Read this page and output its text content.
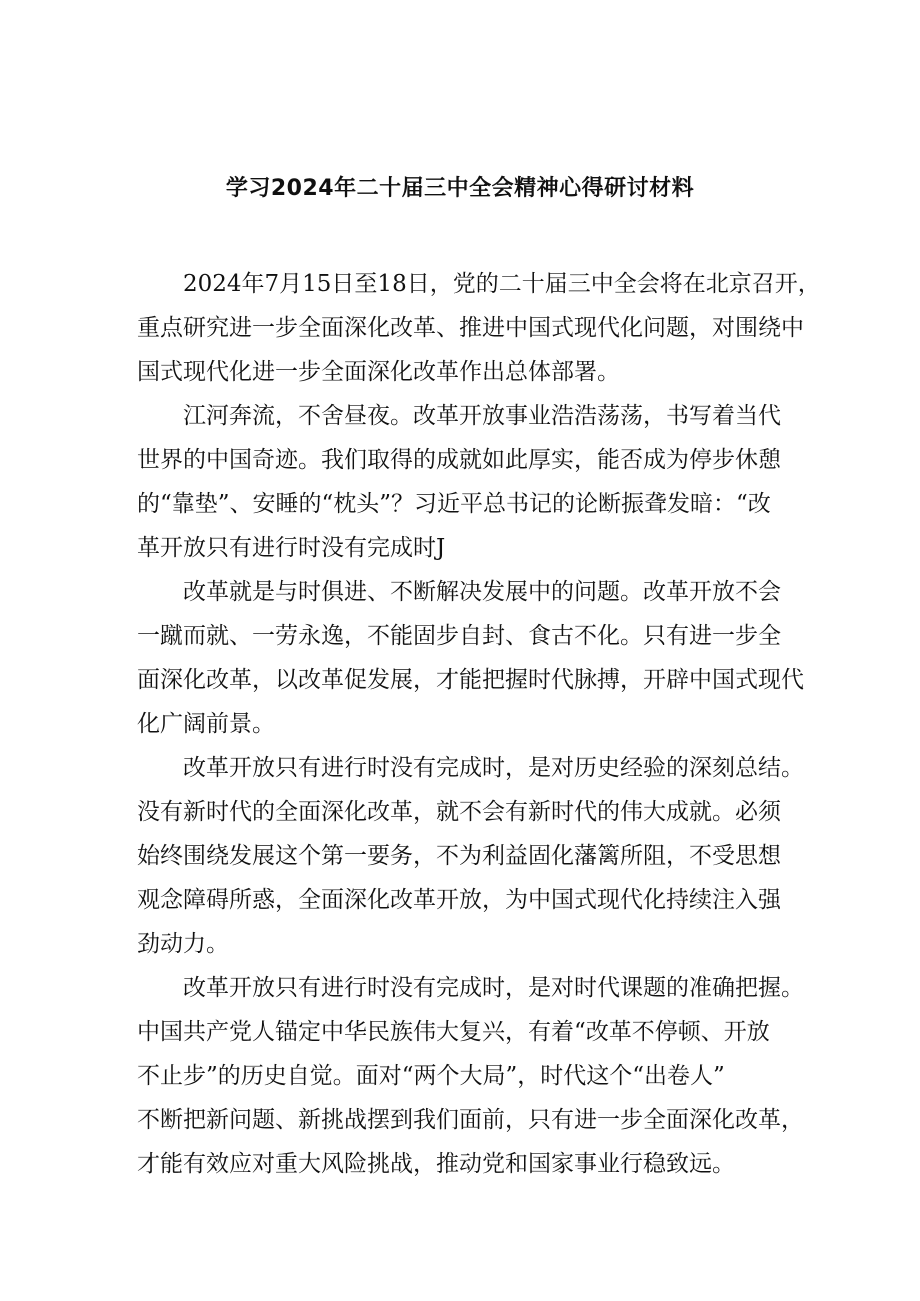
学习2024年二十届三中全会精神心得研讨材料

2024年7月15日至18日，党的二十届三中全会将在北京召开，
重点研究进一步全面深化改革、推进中国式现代化问题，对围绕中
国式现代化进一步全面深化改革作出总体部署。

江河奔流，不舍昼夜。改革开放事业浩浩荡荡，书写着当代
世界的中国奇迹。我们取得的成就如此厚实，能否成为停步休憩
的“靠垫”、安睡的“枕头”？习近平总书记的论断振聋发暗：“改
革开放只有进行时没有完成时J

改革就是与时俱进、不断解决发展中的问题。改革开放不会
一蹴而就、一劳永逸，不能固步自封、食古不化。只有进一步全
面深化改革，以改革促发展，才能把握时代脉搏，开辟中国式现代
化广阔前景。

改革开放只有进行时没有完成时，是对历史经验的深刻总结。
没有新时代的全面深化改革，就不会有新时代的伟大成就。必须
始终围绕发展这个第一要务，不为利益固化藩篱所阻，不受思想
观念障碍所惑，全面深化改革开放，为中国式现代化持续注入强
劲动力。

改革开放只有进行时没有完成时，是对时代课题的准确把握。
中国共产党人锚定中华民族伟大复兴，有着“改革不停顿、开放
不止步”的历史自觉。面对“两个大局”，时代这个“出卷人”
不断把新问题、新挑战摆到我们面前，只有进一步全面深化改革，
才能有效应对重大风险挑战，推动党和国家事业行稳致远。
